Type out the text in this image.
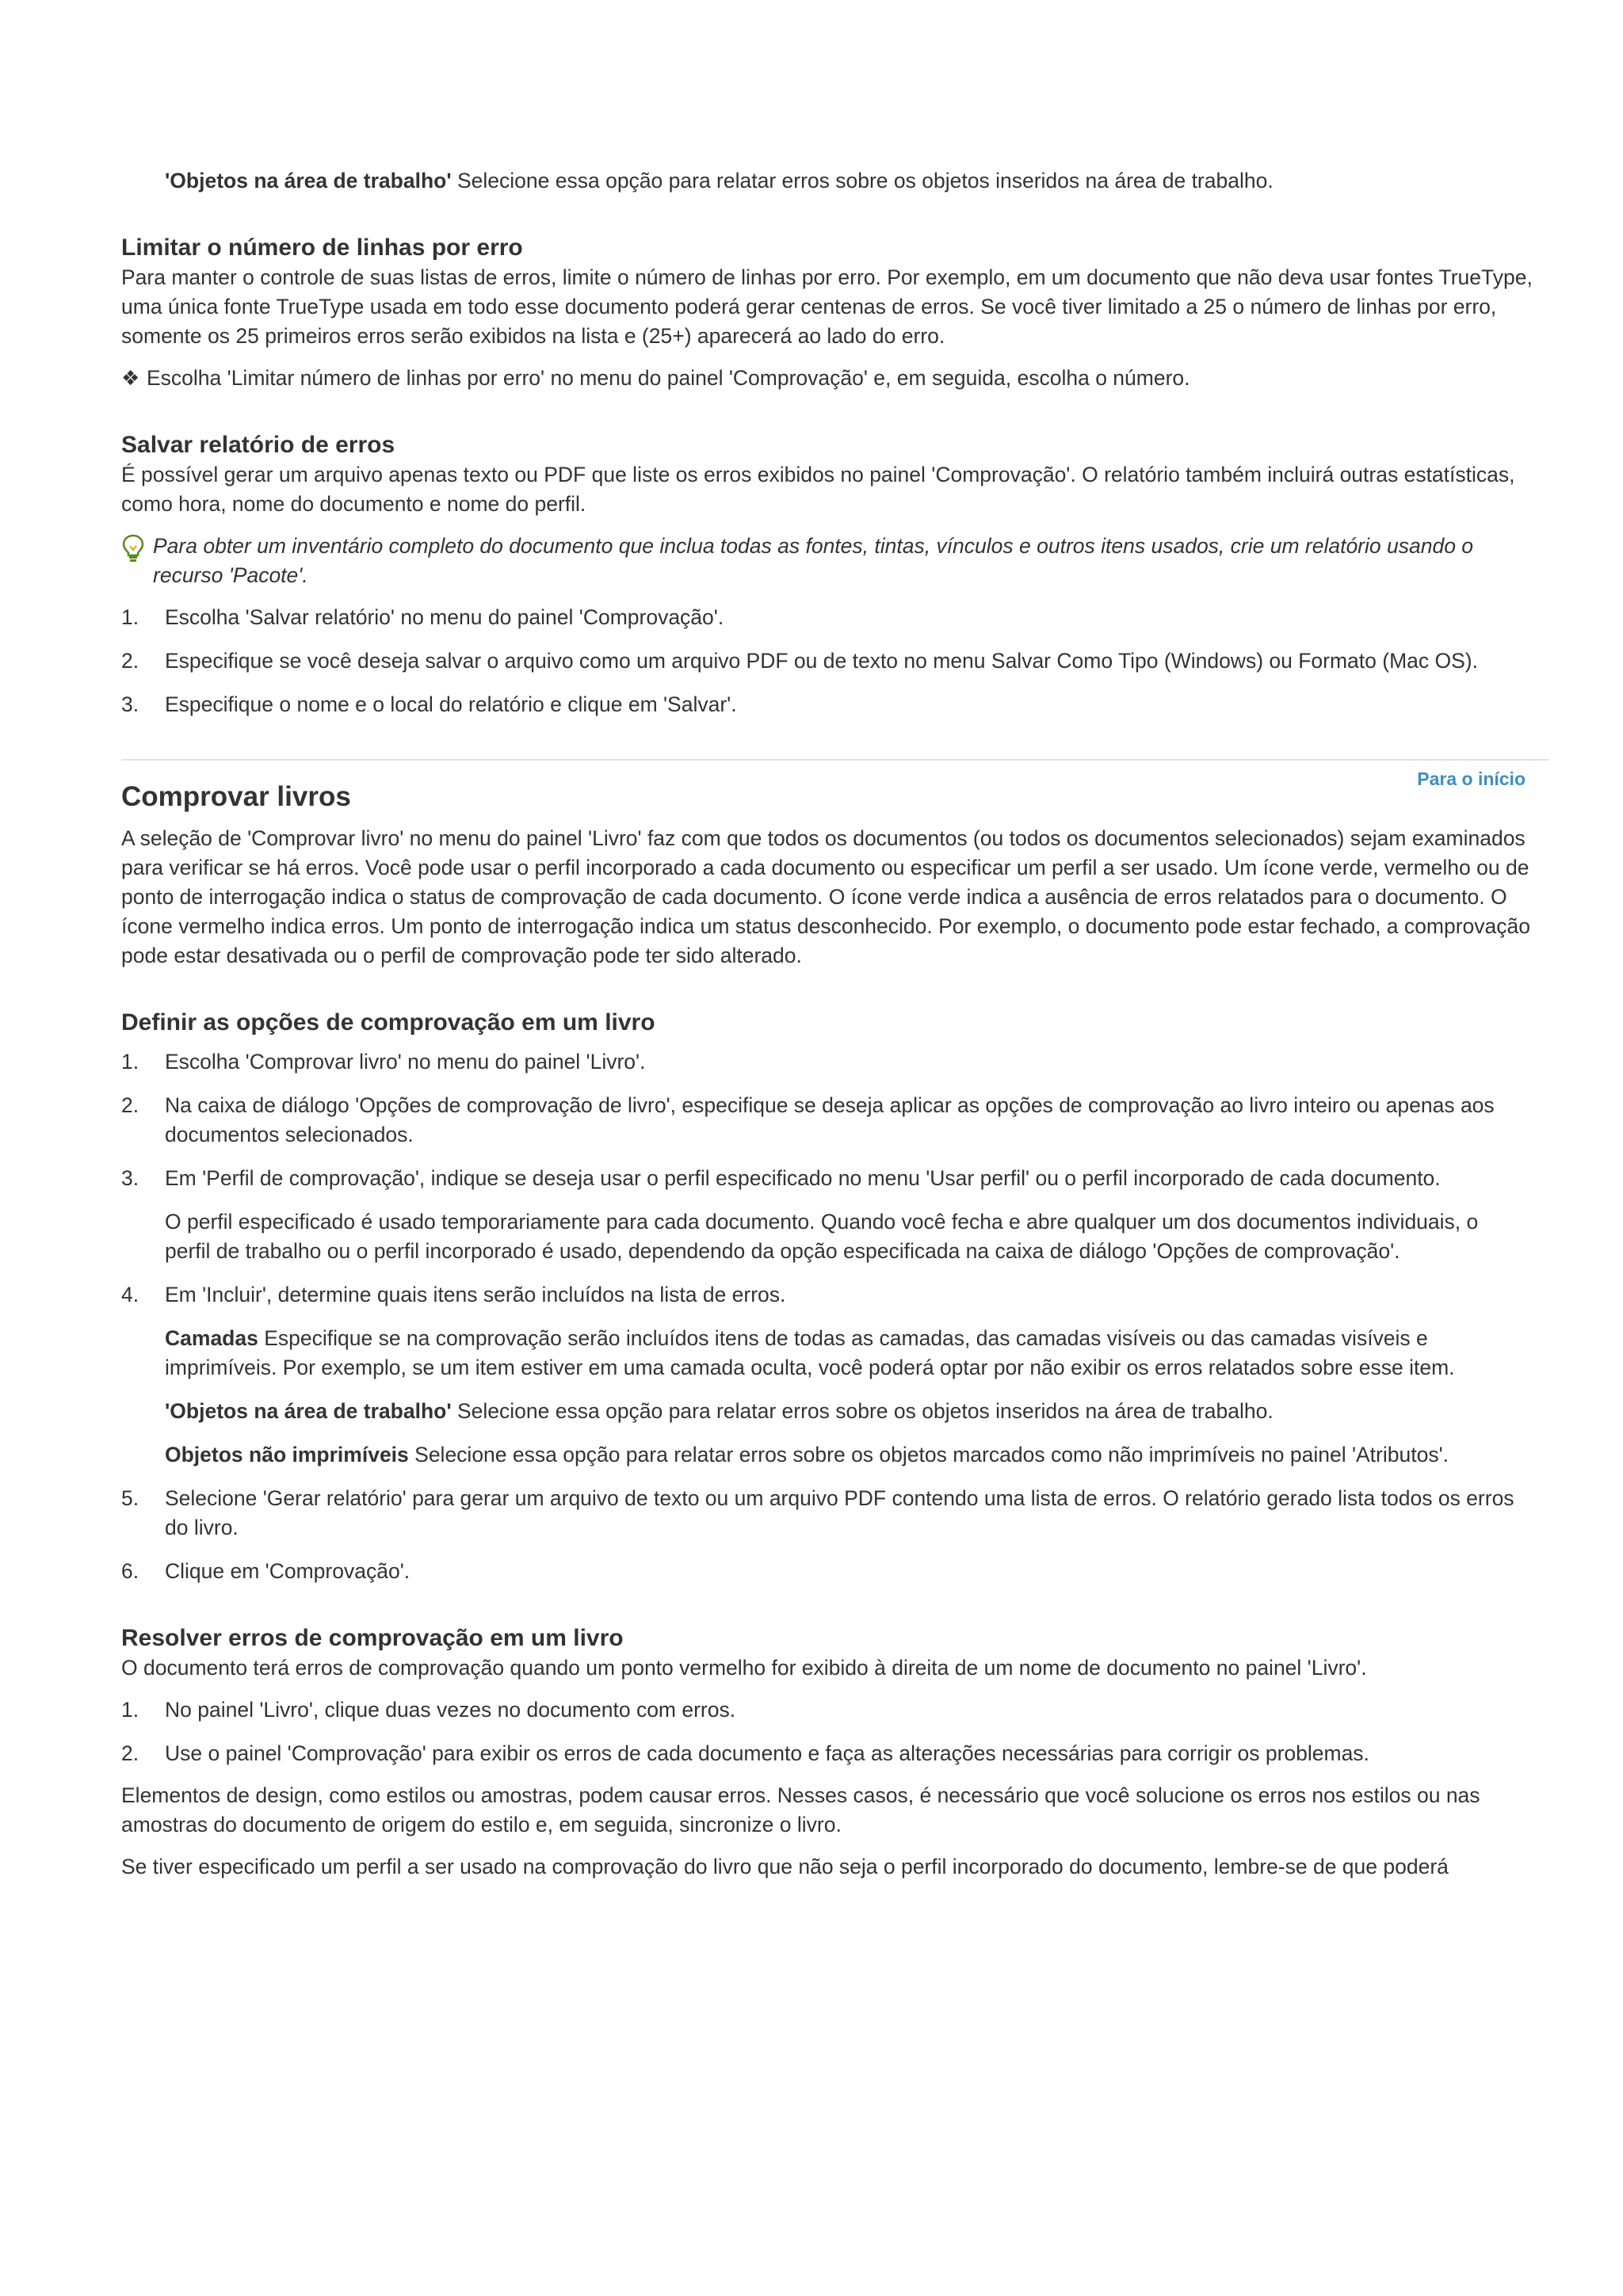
'Objetos na área de trabalho' Selecione essa opção para relatar erros sobre os objetos inseridos na área de trabalho.

Limitar o número de linhas por erro

Para manter o controle de suas listas de erros, limite o número de linhas por erro. Por exemplo, em um documento que não deva usar fontes TrueType, uma única fonte TrueType usada em todo esse documento poderá gerar centenas de erros. Se você tiver limitado a 25 o número de linhas por erro, somente os 25 primeiros erros serão exibidos na lista e (25+) aparecerá ao lado do erro.

❖ Escolha 'Limitar número de linhas por erro' no menu do painel 'Comprovação' e, em seguida, escolha o número.

Salvar relatório de erros

É possível gerar um arquivo apenas texto ou PDF que liste os erros exibidos no painel 'Comprovação'. O relatório também incluirá outras estatísticas, como hora, nome do documento e nome do perfil.

Para obter um inventário completo do documento que inclua todas as fontes, tintas, vínculos e outros itens usados, crie um relatório usando o recurso 'Pacote'.

1.	Escolha 'Salvar relatório' no menu do painel 'Comprovação'.

2.	Especifique se você deseja salvar o arquivo como um arquivo PDF ou de texto no menu Salvar Como Tipo (Windows) ou Formato (Mac OS).

3.	Especifique o nome e o local do relatório e clique em 'Salvar'.

Para o início
Comprovar livros

A seleção de 'Comprovar livro' no menu do painel 'Livro' faz com que todos os documentos (ou todos os documentos selecionados) sejam examinados para verificar se há erros. Você pode usar o perfil incorporado a cada documento ou especificar um perfil a ser usado. Um ícone verde, vermelho ou de ponto de interrogação indica o status de comprovação de cada documento. O ícone verde indica a ausência de erros relatados para o documento. O ícone vermelho indica erros. Um ponto de interrogação indica um status desconhecido. Por exemplo, o documento pode estar fechado, a comprovação pode estar desativada ou o perfil de comprovação pode ter sido alterado.

Definir as opções de comprovação em um livro
1.	Escolha 'Comprovar livro' no menu do painel 'Livro'.

2.	Na caixa de diálogo 'Opções de comprovação de livro', especifique se deseja aplicar as opções de comprovação ao livro inteiro ou apenas aos documentos selecionados.

3.	Em 'Perfil de comprovação', indique se deseja usar o perfil especificado no menu 'Usar perfil' ou o perfil incorporado de cada documento.

O perfil especificado é usado temporariamente para cada documento. Quando você fecha e abre qualquer um dos documentos individuais, o perfil de trabalho ou o perfil incorporado é usado, dependendo da opção especificada na caixa de diálogo 'Opções de comprovação'.

4.	Em 'Incluir', determine quais itens serão incluídos na lista de erros.

Camadas Especifique se na comprovação serão incluídos itens de todas as camadas, das camadas visíveis ou das camadas visíveis e imprimíveis. Por exemplo, se um item estiver em uma camada oculta, você poderá optar por não exibir os erros relatados sobre esse item.

'Objetos na área de trabalho' Selecione essa opção para relatar erros sobre os objetos inseridos na área de trabalho.

Objetos não imprimíveis Selecione essa opção para relatar erros sobre os objetos marcados como não imprimíveis no painel 'Atributos'.

5.	Selecione 'Gerar relatório' para gerar um arquivo de texto ou um arquivo PDF contendo uma lista de erros. O relatório gerado lista todos os erros do livro.

6.	Clique em 'Comprovação'.

Resolver erros de comprovação em um livro

O documento terá erros de comprovação quando um ponto vermelho for exibido à direita de um nome de documento no painel 'Livro'.

1.	No painel 'Livro', clique duas vezes no documento com erros.

2.	Use o painel 'Comprovação' para exibir os erros de cada documento e faça as alterações necessárias para corrigir os problemas.

Elementos de design, como estilos ou amostras, podem causar erros. Nesses casos, é necessário que você solucione os erros nos estilos ou nas amostras do documento de origem do estilo e, em seguida, sincronize o livro.

Se tiver especificado um perfil a ser usado na comprovação do livro que não seja o perfil incorporado do documento, lembre-se de que poderá
